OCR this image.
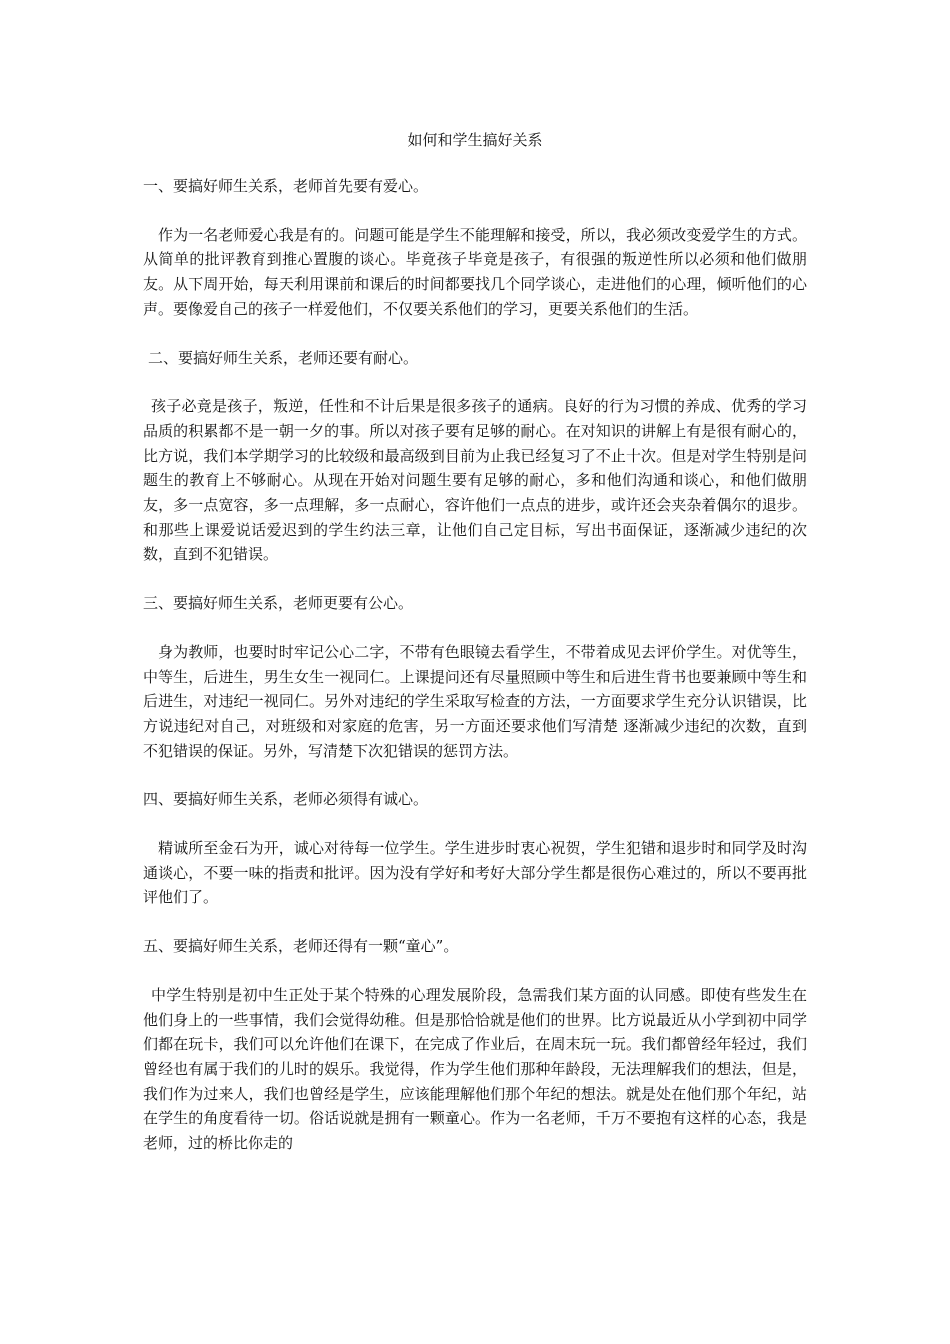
如何和学生搞好关系
一、要搞好师生关系，老师首先要有爱心。
作为一名老师爱心我是有的。问题可能是学生不能理解和接受，所以，我必须改变爱学生的方式。从简单的批评教育到推心置腹的谈心。毕竟孩子毕竟是孩子，有很强的叛逆性所以必须和他们做朋友。从下周开始，每天利用课前和课后的时间都要找几个同学谈心，走进他们的心理，倾听他们的心声。要像爱自己的孩子一样爱他们，不仅要关系他们的学习，更要关系他们的生活。
二、要搞好师生关系，老师还要有耐心。
孩子必竟是孩子，叛逆，任性和不计后果是很多孩子的通病。良好的行为习惯的养成、优秀的学习品质的积累都不是一朝一夕的事。所以对孩子要有足够的耐心。在对知识的讲解上有是很有耐心的，比方说，我们本学期学习的比较级和最高级到目前为止我已经复习了不止十次。但是对学生特别是问题生的教育上不够耐心。从现在开始对问题生要有足够的耐心，多和他们沟通和谈心，和他们做朋友，多一点宽容，多一点理解，多一点耐心，容许他们一点点的进步，或许还会夹杂着偶尔的退步。和那些上课爱说话爱迟到的学生约法三章，让他们自己定目标，写出书面保证，逐渐减少违纪的次数，直到不犯错误。
三、要搞好师生关系，老师更要有公心。
身为教师，也要时时牢记公心二字，不带有色眼镜去看学生，不带着成见去评价学生。对优等生，中等生，后进生，男生女生一视同仁。上课提问还有尽量照顾中等生和后进生背书也要兼顾中等生和后进生，对违纪一视同仁。另外对违纪的学生采取写检查的方法，一方面要求学生充分认识错误，比方说违纪对自己，对班级和对家庭的危害，另一方面还要求他们写清楚 逐渐减少违纪的次数，直到不犯错误的保证。另外，写清楚下次犯错误的惩罚方法。
四、要搞好师生关系，老师必须得有诚心。
精诚所至金石为开，诚心对待每一位学生。学生进步时衷心祝贺，学生犯错和退步时和同学及时沟通谈心，不要一味的指责和批评。因为没有学好和考好大部分学生都是很伤心难过的，所以不要再批评他们了。
五、要搞好师生关系，老师还得有一颗“童心”。
中学生特别是初中生正处于某个特殊的心理发展阶段，急需我们某方面的认同感。即使有些发生在他们身上的一些事情，我们会觉得幼稚。但是那恰恰就是他们的世界。比方说最近从小学到初中同学们都在玩卡，我们可以允许他们在课下，在完成了作业后，在周末玩一玩。我们都曾经年轻过，我们曾经也有属于我们的儿时的娱乐。我觉得，作为学生他们那种年龄段，无法理解我们的想法，但是，我们作为过来人，我们也曾经是学生，应该能理解他们那个年纪的想法。就是处在他们那个年纪，站在学生的角度看待一切。俗话说就是拥有一颗童心。作为一名老师，千万不要抱有这样的心态，我是老师，过的桥比你走的
